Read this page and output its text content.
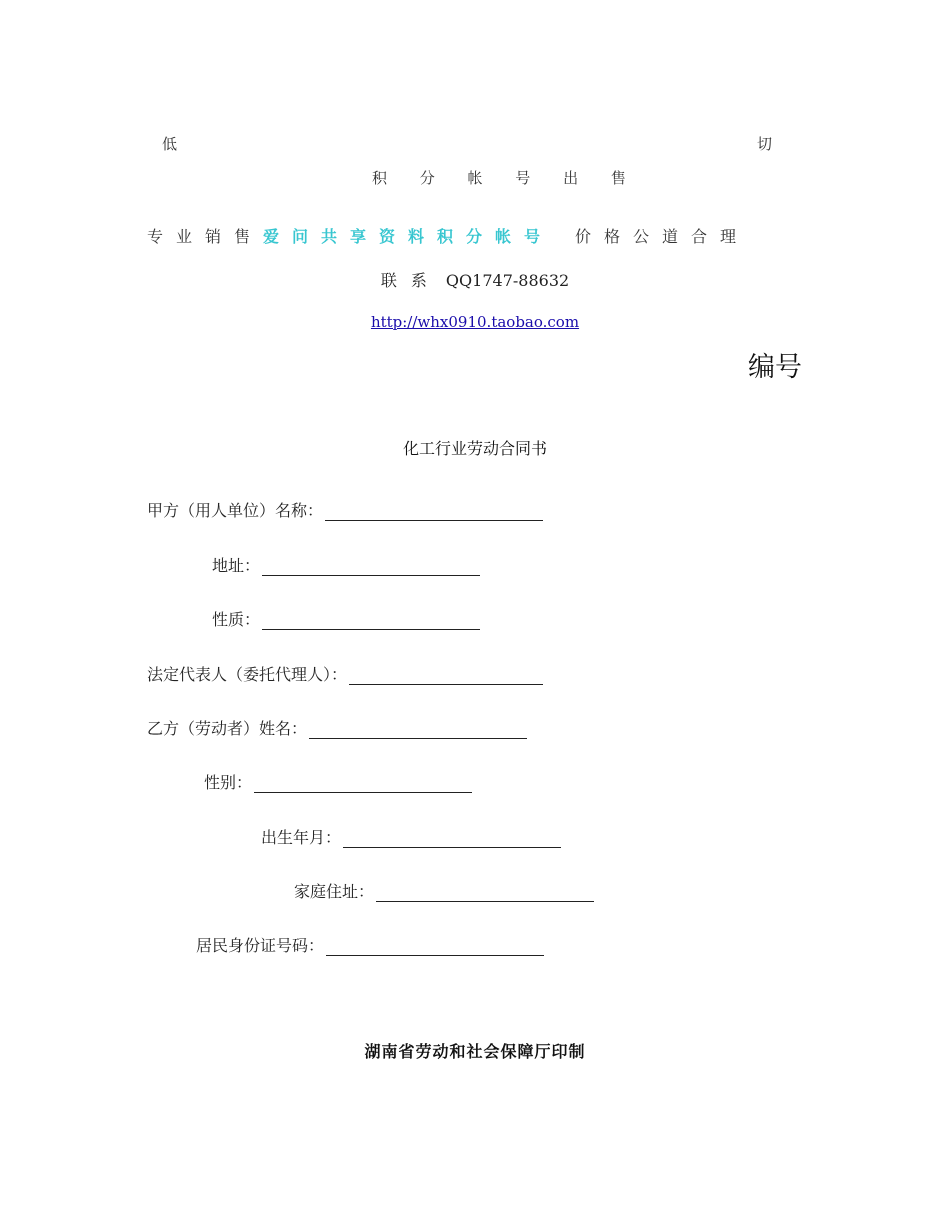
低	切
积 分 帐 号 出 售
专业销售爱问共享资料积分帐号 价格公道合理
联系 QQ1747-88632
http://whx0910.taobao.com
编号
化工行业劳动合同书
甲方（用人单位）名称：
地址：
性质：
法定代表人（委托代理人）：
乙方（劳动者）姓名：
性别：
出生年月：
家庭住址：
居民身份证号码：
湖南省劳动和社会保障厅印制
